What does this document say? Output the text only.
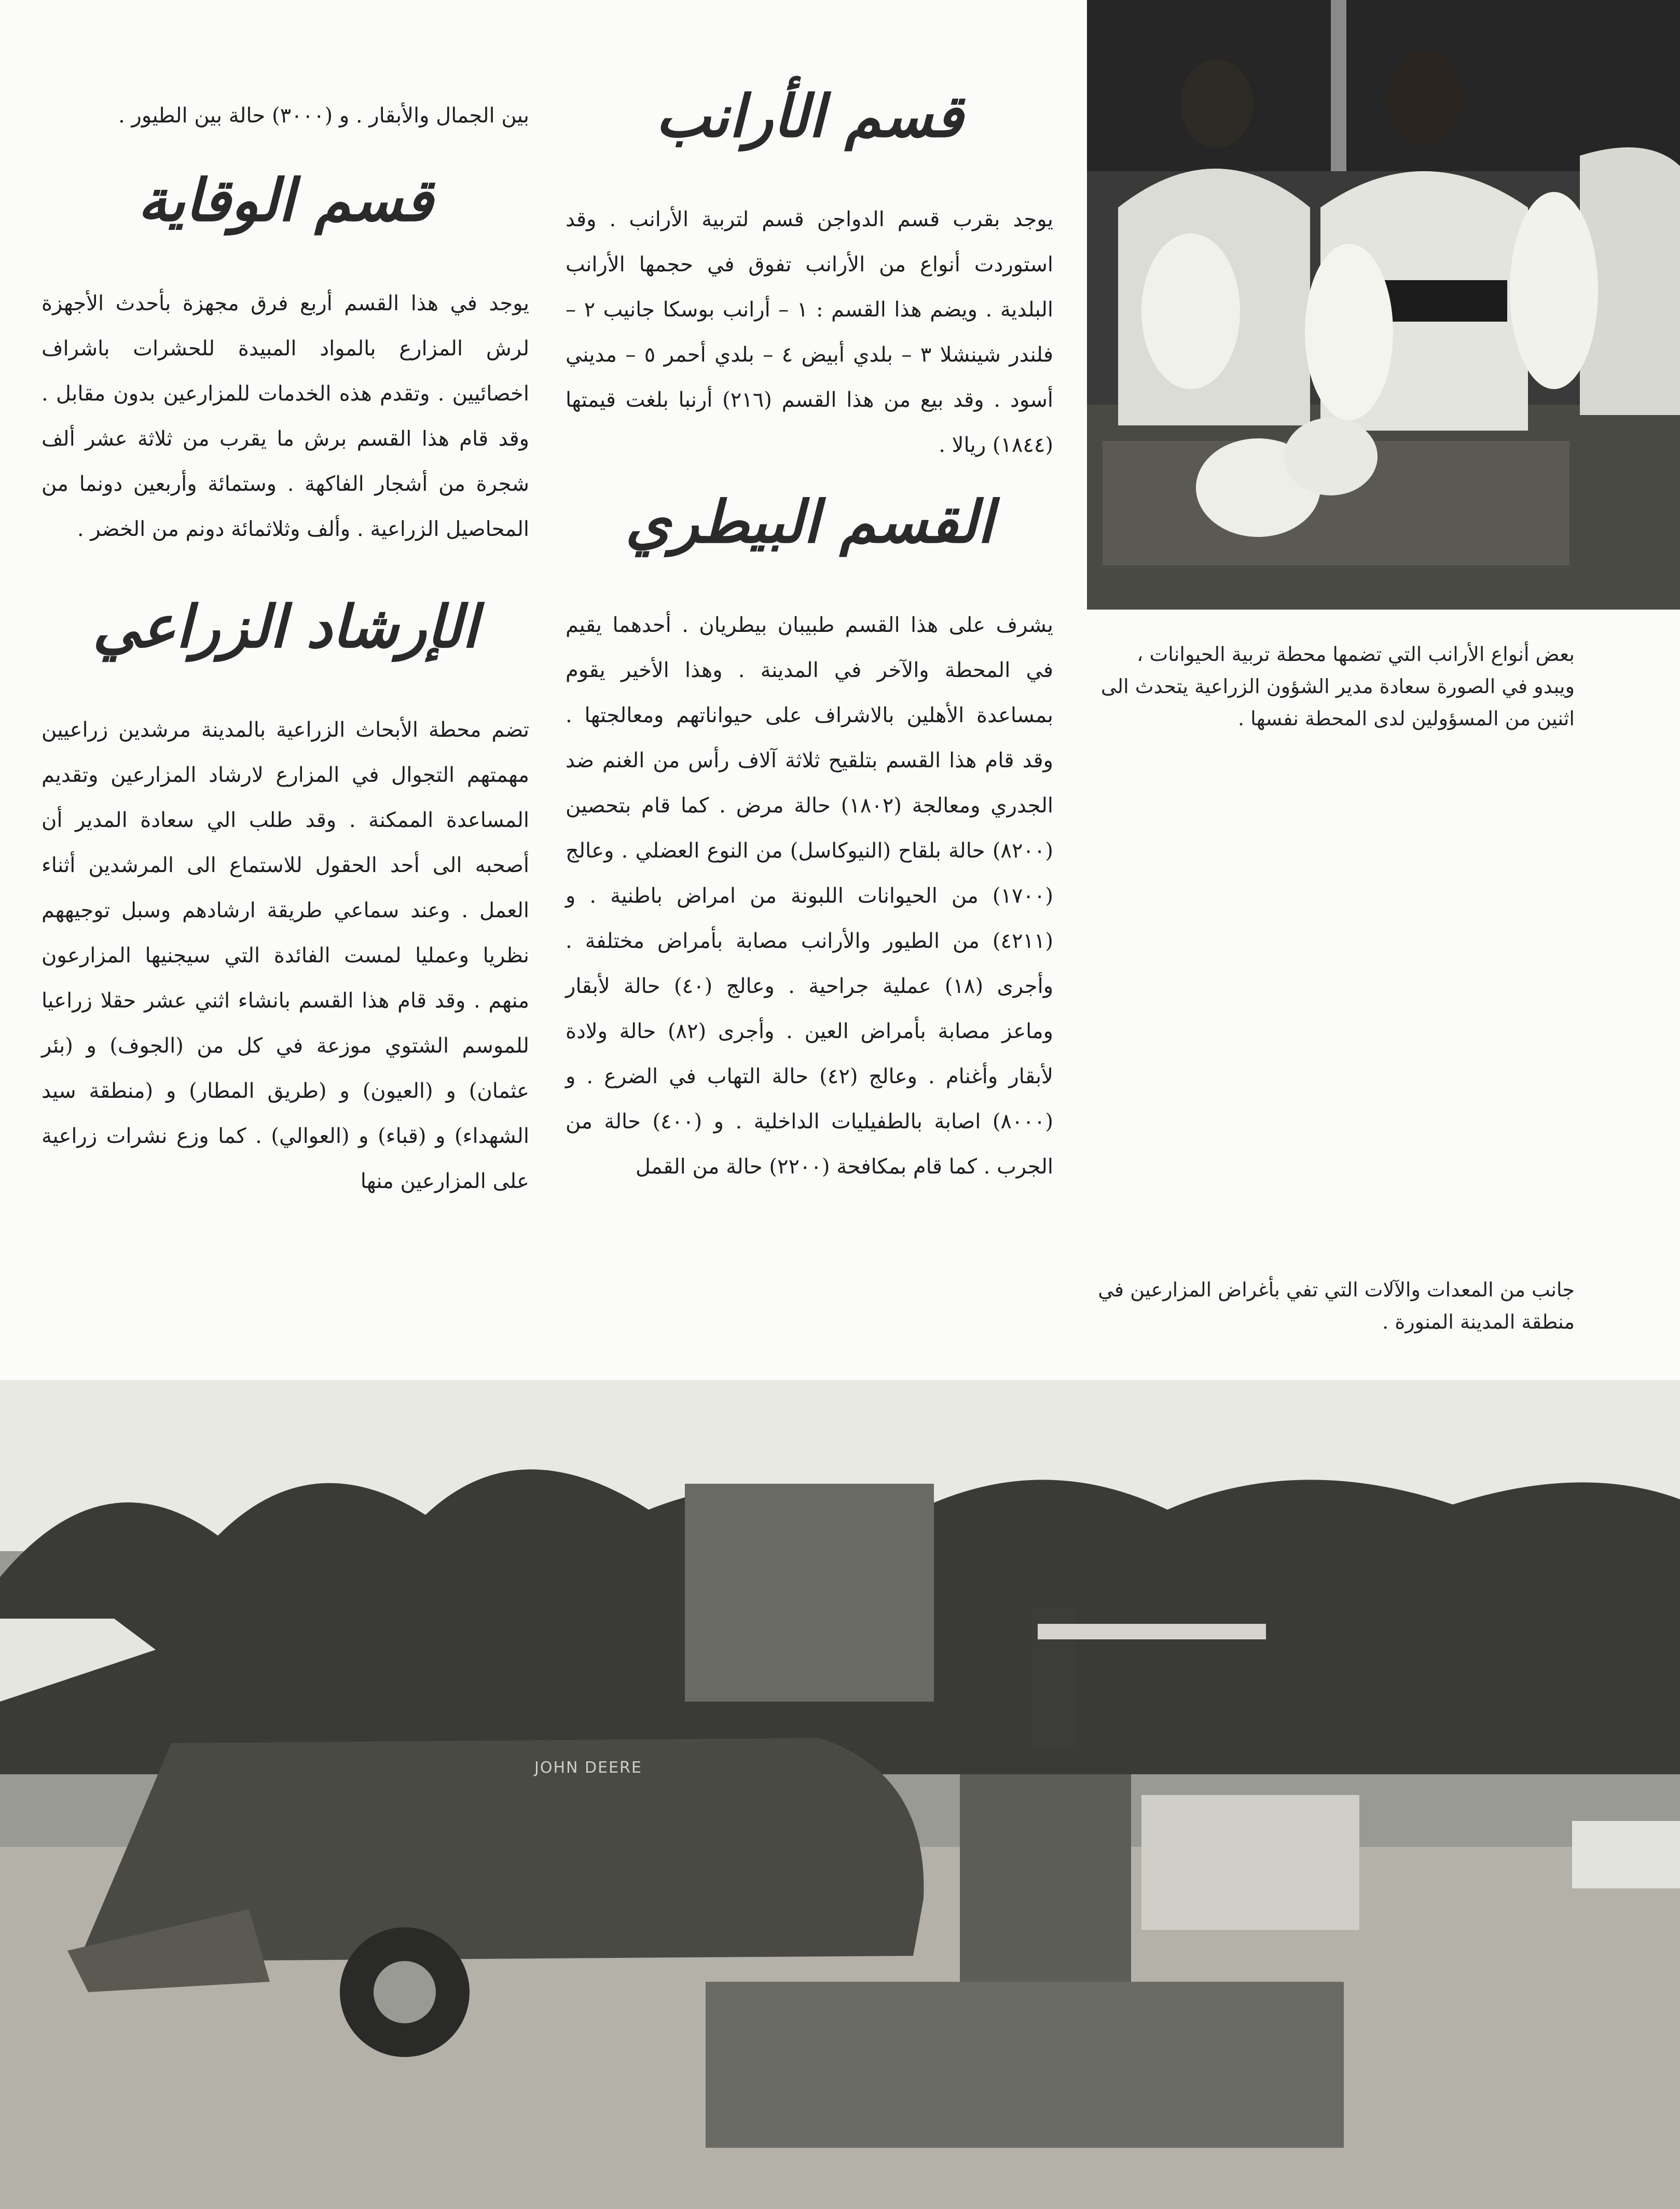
JOHN DEERE

بين الجمال والأبقار . و (٣٠٠٠) حالة بين الطيور .

قسم الوقاية

يوجد في هذا القسم أربع فرق مجهزة بأحدث الأجهزة لرش المزارع بالمواد المبيدة للحشرات باشراف اخصائيين . وتقدم هذه الخدمات للمزارعين بدون مقابل . وقد قام هذا القسم برش ما يقرب من ثلاثة عشر ألف شجرة من أشجار الفاكهة . وستمائة وأربعين دونما من المحاصيل الزراعية . وألف وثلاثمائة دونم من الخضر .

الإرشاد الزراعي

تضم محطة الأبحاث الزراعية بالمدينة مرشدين زراعيين مهمتهم التجوال في المزارع لارشاد المزارعين وتقديم المساعدة الممكنة . وقد طلب الي سعادة المدير أن أصحبه الى أحد الحقول للاستماع الى المرشدين أثناء العمل . وعند سماعي طريقة ارشادهم وسبل توجيههم نظريا وعمليا لمست الفائدة التي سيجنيها المزارعون منهم . وقد قام هذا القسم بانشاء اثني عشر حقلا زراعيا للموسم الشتوي موزعة في كل من (الجوف) و (بئر عثمان) و (العيون) و (طريق المطار) و (منطقة سيد الشهداء) و (قباء) و (العوالي) . كما وزع نشرات زراعية على المزارعين منها

قسم الأرانب

يوجد بقرب قسم الدواجن قسم لتربية الأرانب . وقد استوردت أنواع من الأرانب تفوق في حجمها الأرانب البلدية . ويضم هذا القسم : ١ – أرانب بوسكا جانيب ٢ – فلندر شينشلا ٣ – بلدي أبيض ٤ – بلدي أحمر ٥ – مديني أسود . وقد بيع من هذا القسم (٢١٦) أرنبا بلغت قيمتها (١٨٤٤) ريالا .

القسم البيطري

يشرف على هذا القسم طبيبان بيطريان . أحدهما يقيم في المحطة والآخر في المدينة . وهذا الأخير يقوم بمساعدة الأهلين بالاشراف على حيواناتهم ومعالجتها . وقد قام هذا القسم بتلقيح ثلاثة آلاف رأس من الغنم ضد الجدري ومعالجة (١٨٠٢) حالة مرض . كما قام بتحصين (٨٢٠٠) حالة بلقاح (النيوكاسل) من النوع العضلي . وعالج (١٧٠٠) من الحيوانات اللبونة من امراض باطنية . و (٤٢١١) من الطيور والأرانب مصابة بأمراض مختلفة . وأجرى (١٨) عملية جراحية . وعالج (٤٠) حالة لأبقار وماعز مصابة بأمراض العين . وأجرى (٨٢) حالة ولادة لأبقار وأغنام . وعالج (٤٢) حالة التهاب في الضرع . و (٨٠٠٠) اصابة بالطفيليات الداخلية . و (٤٠٠) حالة من الجرب . كما قام بمكافحة (٢٢٠٠) حالة من القمل

بعض أنواع الأرانب التي تضمها محطة تربية الحيوانات ، ويبدو في الصورة سعادة مدير الشؤون الزراعية يتحدث الى اثنين من المسؤولين لدى المحطة نفسها .
جانب من المعدات والآلات التي تفي بأغراض المزارعين في منطقة المدينة المنورة .
